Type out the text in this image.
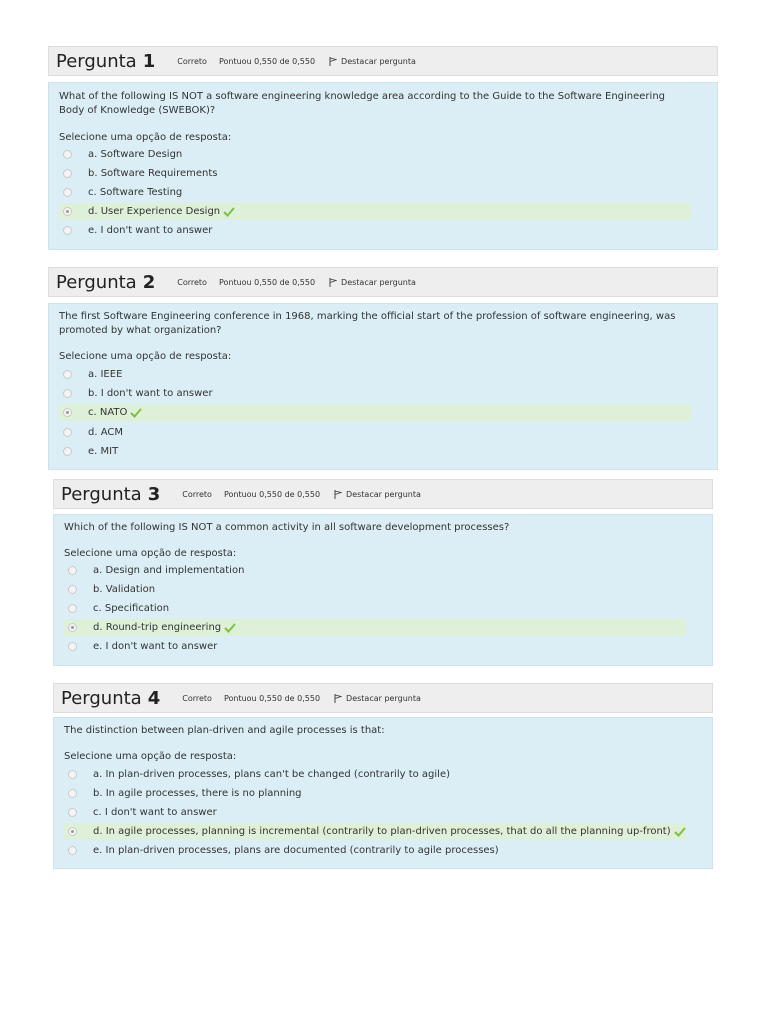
Pergunta 1	Correto Pontuou 0,550 de 0,550	Destacar pergunta
What of the following IS NOT a software engineering knowledge area according to the Guide to the Software Engineering Body of Knowledge (SWEBOK)?
Selecione uma opção de resposta:
a. Software Design
b. Software Requirements
c. Software Testing
d. User Experience Design
e. I don't want to answer
Pergunta 2	Correto Pontuou 0,550 de 0,550	Destacar pergunta
The first Software Engineering conference in 1968, marking the official start of the profession of software engineering, was promoted by what organization?
Selecione uma opção de resposta:
a. IEEE
b. I don't want to answer
c. NATO
d. ACM
e. MIT
Pergunta 3	Correto Pontuou 0,550 de 0,550	Destacar pergunta
Which of the following IS NOT a common activity in all software development processes?
Selecione uma opção de resposta:
a. Design and implementation
b. Validation
c. Specification
d. Round-trip engineering
e. I don't want to answer
Pergunta 4	Correto Pontuou 0,550 de 0,550	Destacar pergunta
The distinction between plan-driven and agile processes is that:
Selecione uma opção de resposta:
a. In plan-driven processes, plans can't be changed (contrarily to agile)
b. In agile processes, there is no planning
c. I don't want to answer
d. In agile processes, planning is incremental (contrarily to plan-driven processes, that do all the planning up-front)
e. In plan-driven processes, plans are documented (contrarily to agile processes)
